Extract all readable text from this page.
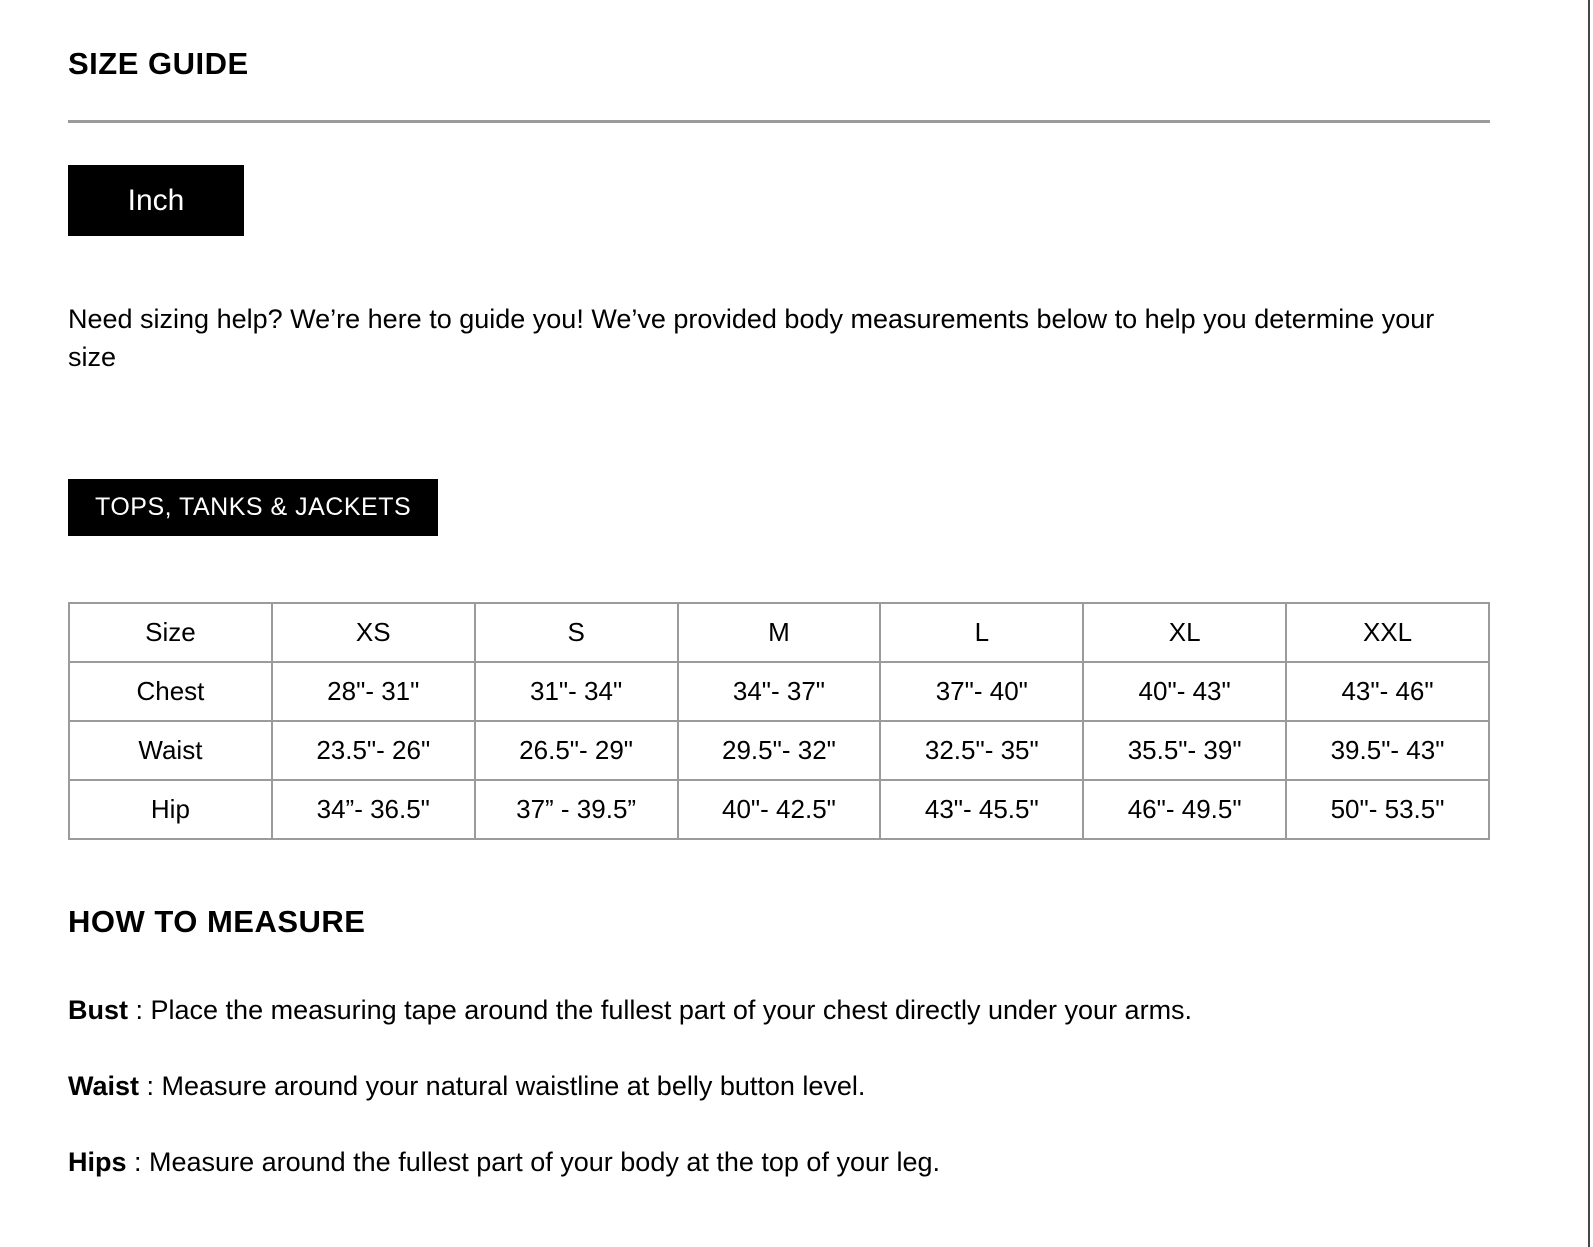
SIZE GUIDE
Inch

Need sizing help? We’re here to guide you! We’ve provided body measurements below to help you determine your size

TOPS, TANKS & JACKETS
Size	XS	S	M	L	XL	XXL
Chest	28"- 31"	31"- 34"	34"- 37"	37"- 40"	40"- 43"	43"- 46"
Waist	23.5"- 26"	26.5"- 29"	29.5"- 32"	32.5"- 35"	35.5"- 39"	39.5"- 43"
Hip	34”- 36.5"	37” - 39.5”	40"- 42.5"	43"- 45.5"	46"- 49.5"	50"- 53.5"
HOW TO MEASURE

Bust : Place the measuring tape around the fullest part of your chest directly under your arms.

Waist : Measure around your natural waistline at belly button level.

Hips : Measure around the fullest part of your body at the top of your leg.
